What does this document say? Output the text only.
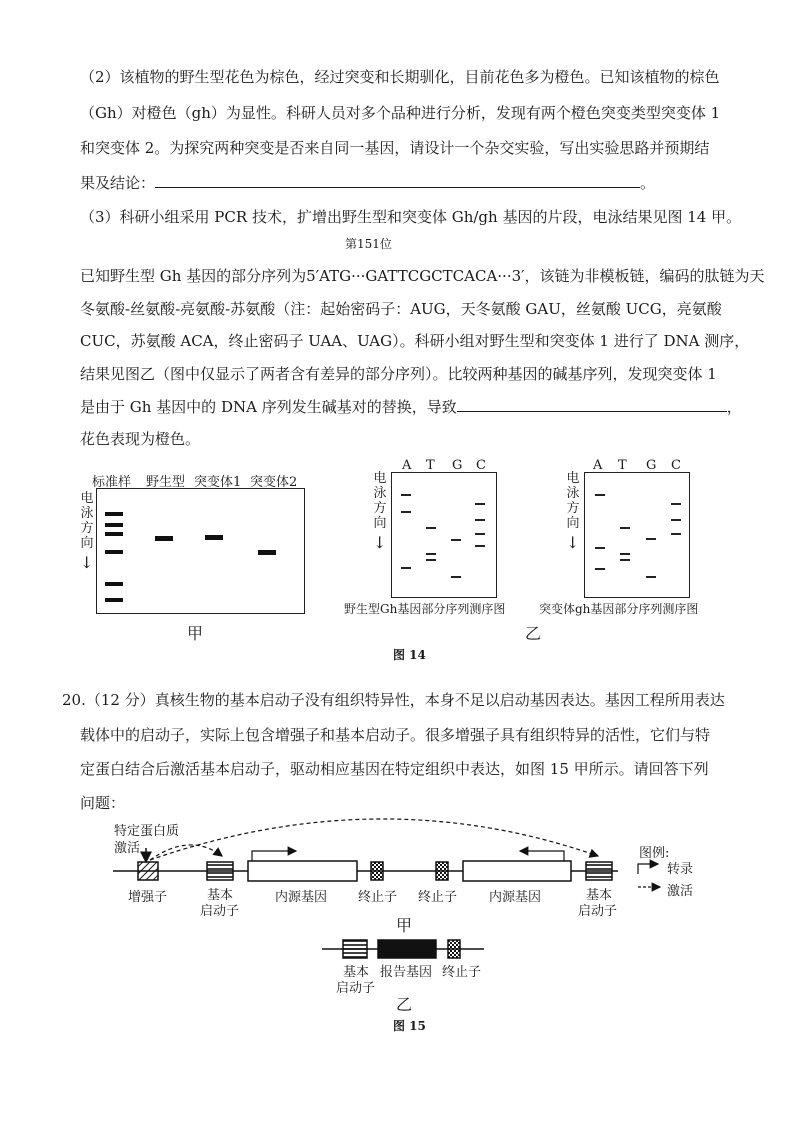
（2）该植物的野生型花色为棕色，经过突变和长期驯化，目前花色多为橙色。已知该植物的棕色
（Gh）对橙色（gh）为显性。科研人员对多个品种进行分析，发现有两个橙色突变类型突变体 1
和突变体 2。为探究两种突变是否来自同一基因，请设计一个杂交实验，写出实验思路并预期结
果及结论：	。
（3）科研小组采用 PCR 技术，扩增出野生型和突变体 Gh/gh 基因的片段，电泳结果见图 14 甲。
第151位
已知野生型 Gh 基因的部分序列为5′ATG···GATTCGCTCACA···3′，该链为非模板链，编码的肽链为天
冬氨酸-丝氨酸-亮氨酸-苏氨酸（注：起始密码子：AUG，天冬氨酸 GAU，丝氨酸 UCG，亮氨酸
CUC，苏氨酸 ACA，终止密码子 UAA、UAG）。科研小组对野生型和突变体 1 进行了 DNA 测序，
结果见图乙（图中仅显示了两者含有差异的部分序列）。比较两种基因的碱基序列，发现突变体 1
是由于 Gh 基因中的 DNA 序列发生碱基对的替换，导致	，
花色表现为橙色。
标准样 野生型 突变体1 突变体2
电泳方向
↓
甲
A T G C
电泳方向
↓
野生型Gh基因部分序列测序图
A T G C
电泳方向
↓
突变体gh基因部分序列测序图
乙
图 14
20.（12 分）真核生物的基本启动子没有组织特异性，本身不足以启动基因表达。基因工程所用表达
载体中的启动子，实际上包含增强子和基本启动子。很多增强子具有组织特异的活性，它们与特
定蛋白结合后激活基本启动子，驱动相应基因在特定组织中表达，如图 15 甲所示。请回答下列
问题：
特定蛋白质
激活
增强子	基本
启动子
内源基因 终止子 终止子 内源基因	基本
启动子
图例:
转录
激活
甲
基本
启动子
报告基因 终止子
乙
图 15
